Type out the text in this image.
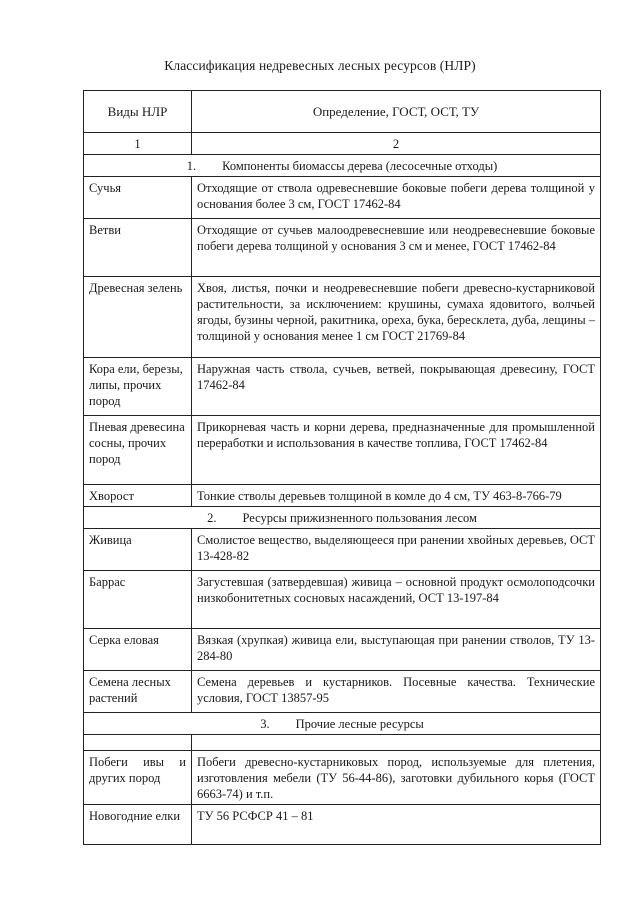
Классификация недревесных лесных ресурсов (НЛР)
Виды НЛР	Определение, ГОСТ, ОСТ, ТУ
1	2
1. Компоненты биомассы дерева (лесосечные отходы)	
Сучья	Отходящие от ствола одревесневшие боковые побеги дерева толщиной у основания более 3 см, ГОСТ 17462-84
Ветви	Отходящие от сучьев малоодревесневшие или неодревесневшие боковые побеги дерева толщиной у основания 3 см и менее, ГОСТ 17462-84
Древесная зелень	Хвоя, листья, почки и неодревесневшие побеги древесно-кустарниковой растительности, за исключением: крушины, сумаха ядовитого, волчьей ягоды, бузины черной, ракитника, ореха, бука, бересклета, дуба, лещины – толщиной у основания менее 1 см ГОСТ 21769-84
Кора ели, березы, липы, прочих пород	Наружная часть ствола, сучьев, ветвей, покрывающая древесину, ГОСТ 17462-84
Пневая древесина сосны, прочих пород	Прикорневая часть и корни дерева, предназначенные для промышленной переработки и использования в качестве топлива, ГОСТ 17462-84
Хворост	Тонкие стволы деревьев толщиной в комле до 4 см, ТУ 463-8-766-79
2. Ресурсы прижизненного пользования лесом	
Живица	Смолистое вещество, выделяющееся при ранении хвойных деревьев, ОСТ 13-428-82
Баррас	Загустевшая (затвердевшая) живица – основной продукт осмолоподсочки низкобонитетных сосновых насаждений, ОСТ 13-197-84
Серка еловая	Вязкая (хрупкая) живица ели, выступающая при ранении стволов, ТУ 13-284-80
Семена лесных растений	Семена деревьев и кустарников. Посевные качества. Технические условия, ГОСТ 13857-95
3. Прочие лесные ресурсы	

Побеги ивы и других пород	Побеги древесно-кустарниковых пород, используемые для плетения, изготовления мебели (ТУ 56-44-86), заготовки дубильного корья (ГОСТ 6663-74) и т.п.
Новогодние елки	ТУ 56 РСФСР 41 – 81
